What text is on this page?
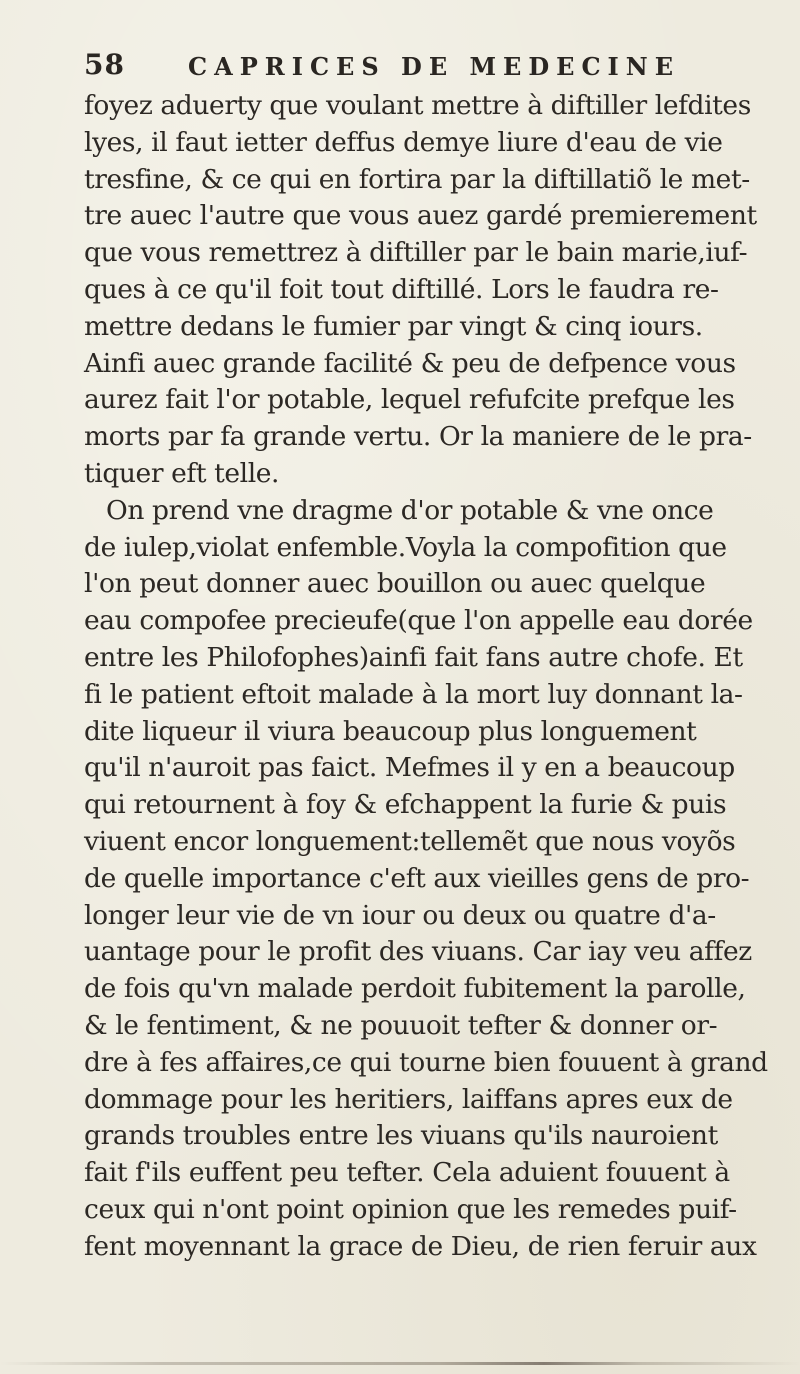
58	CAPRICES DE MEDECINE
foyez aduerty que voulant mettre à diftiller lefdites
lyes, il faut ietter deffus demye liure d'eau de vie
tresfine, & ce qui en fortira par la diftillatiõ le met-
tre auec l'autre que vous auez gardé premierement
que vous remettrez à diftiller par le bain marie,iuf-
ques à ce qu'il foit tout diftillé. Lors le faudra re-
mettre dedans le fumier par vingt & cinq iours.
Ainfi auec grande facilité & peu de defpence vous
aurez fait l'or potable, lequel refufcite prefque les
morts par fa grande vertu. Or la maniere de le pra-
tiquer eft telle.
On prend vne dragme d'or potable & vne once
de iulep,violat enfemble.Voyla la compofition que
l'on peut donner auec bouillon ou auec quelque
eau compofee precieufe(que l'on appelle eau dorée
entre les Philofophes)ainfi fait fans autre chofe. Et
fi le patient eftoit malade à la mort luy donnant la-
dite liqueur il viura beaucoup plus longuement
qu'il n'auroit pas faict. Mefmes il y en a beaucoup
qui retournent à foy & efchappent la furie & puis
viuent encor longuement:tellemẽt que nous voyõs
de quelle importance c'eft aux vieilles gens de pro-
longer leur vie de vn iour ou deux ou quatre d'a-
uantage pour le profit des viuans. Car iay veu affez
de fois qu'vn malade perdoit fubitement la parolle,
& le fentiment, & ne pouuoit tefter & donner or-
dre à fes affaires,ce qui tourne bien fouuent à grand
dommage pour les heritiers, laiffans apres eux de
grands troubles entre les viuans qu'ils nauroient
fait f'ils euffent peu tefter. Cela aduient fouuent à
ceux qui n'ont point opinion que les remedes puif-
fent moyennant la grace de Dieu, de rien feruir aux
